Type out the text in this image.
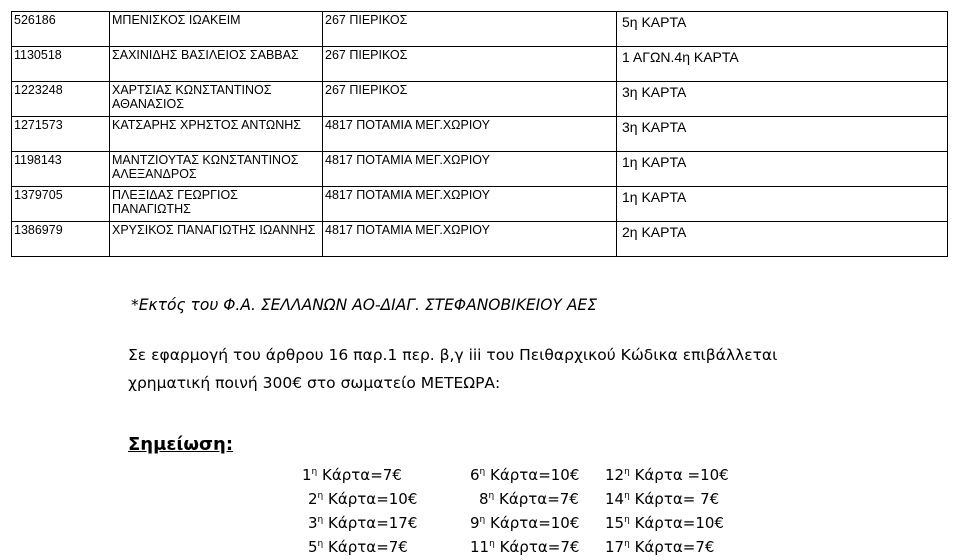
526186	ΜΠΕΝΙΣΚΟΣ ΙΩΑΚΕΙΜ	267 ΠΙΕΡΙΚΟΣ	5η ΚΑΡΤΑ
1130518	ΣΑΧΙΝΙΔΗΣ ΒΑΣΙΛΕΙΟΣ ΣΑΒΒΑΣ	267 ΠΙΕΡΙΚΟΣ	1 ΑΓΩΝ.4η ΚΑΡΤΑ
1223248	ΧΑΡΤΣΙΑΣ ΚΩΝΣΤΑΝΤΙΝΟΣ ΑΘΑΝΑΣΙΟΣ	267 ΠΙΕΡΙΚΟΣ	3η ΚΑΡΤΑ
1271573	ΚΑΤΣΑΡΗΣ ΧΡΗΣΤΟΣ ΑΝΤΩΝΗΣ	4817 ΠΟΤΑΜΙΑ ΜΕΓ.ΧΩΡΙΟΥ	3η ΚΑΡΤΑ
1198143	ΜΑΝΤΖΙΟΥΤΑΣ ΚΩΝΣΤΑΝΤΙΝΟΣ ΑΛΕΞΑΝΔΡΟΣ	4817 ΠΟΤΑΜΙΑ ΜΕΓ.ΧΩΡΙΟΥ	1η ΚΑΡΤΑ
1379705	ΠΛΕΞΙΔΑΣ ΓΕΩΡΓΙΟΣ ΠΑΝΑΓΙΩΤΗΣ	4817 ΠΟΤΑΜΙΑ ΜΕΓ.ΧΩΡΙΟΥ	1η ΚΑΡΤΑ
1386979	ΧΡΥΣΙΚΟΣ ΠΑΝΑΓΙΩΤΗΣ ΙΩΑΝΝΗΣ	4817 ΠΟΤΑΜΙΑ ΜΕΓ.ΧΩΡΙΟΥ	2η ΚΑΡΤΑ
*Εκτός του Φ.Α. ΣΕΛΛΑΝΩΝ ΑΟ-ΔΙΑΓ. ΣΤΕΦΑΝΟΒΙΚΕΙΟΥ ΑΕΣ
Σε εφαρμογή του άρθρου 16 παρ.1 περ. β,γ iii του Πειθαρχικού Κώδικα επιβάλλεται
χρηματική ποινή 300€ στο σωματείο ΜΕΤΕΩΡΑ:
Σημείωση:
$1^\eta$ Κάρτα=7€
$2^\eta$ Κάρτα=10€
$3^\eta$ Κάρτα=17€
$5^\eta$ Κάρτα=7€
$6^\eta$ Κάρτα=10€
$8^\eta$ Κάρτα=7€
$9^\eta$ Κάρτα=10€
$11^\eta$ Κάρτα=7€
$12^\eta$ Κάρτα =10€
$14^\eta$ Κάρτα= 7€
$15^\eta$ Κάρτα=10€
$17^\eta$ Κάρτα=7€
